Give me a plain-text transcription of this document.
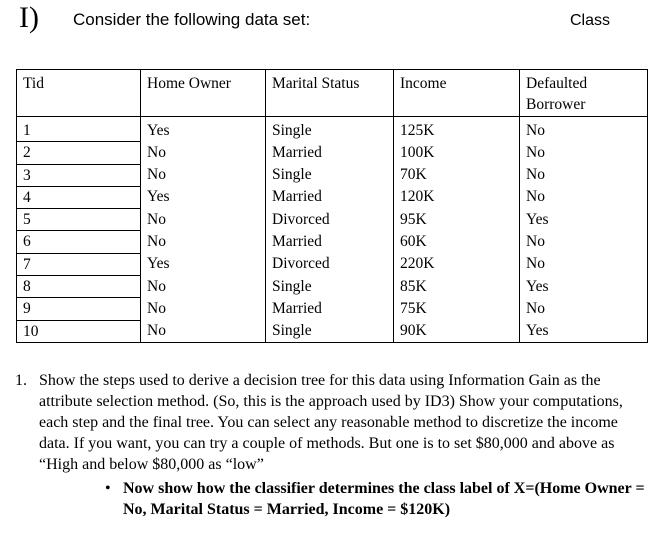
I) Consider the following data set:	Class
Tid	Home Owner	Marital Status	Income	Defaulted Borrower
1	Yes	Single	125K	No
2	No	Married	100K	No
3	No	Single	70K	No
4	Yes	Married	120K	No
5	No	Divorced	95K	Yes
6	No	Married	60K	No
7	Yes	Divorced	220K	No
8	No	Single	85K	Yes
9	No	Married	75K	No
10	No	Single	90K	Yes
1. Show the steps used to derive a decision tree for this data using Information Gain as the attribute selection method. (So, this is the approach used by ID3) Show your computations, each step and the final tree. You can select any reasonable method to discretize the income data. If you want, you can try a couple of methods. But one is to set $80,000 and above as “High and below $80,000 as “low”
• Now show how the classifier determines the class label of X=(Home Owner = No, Marital Status = Married, Income = $120K)
